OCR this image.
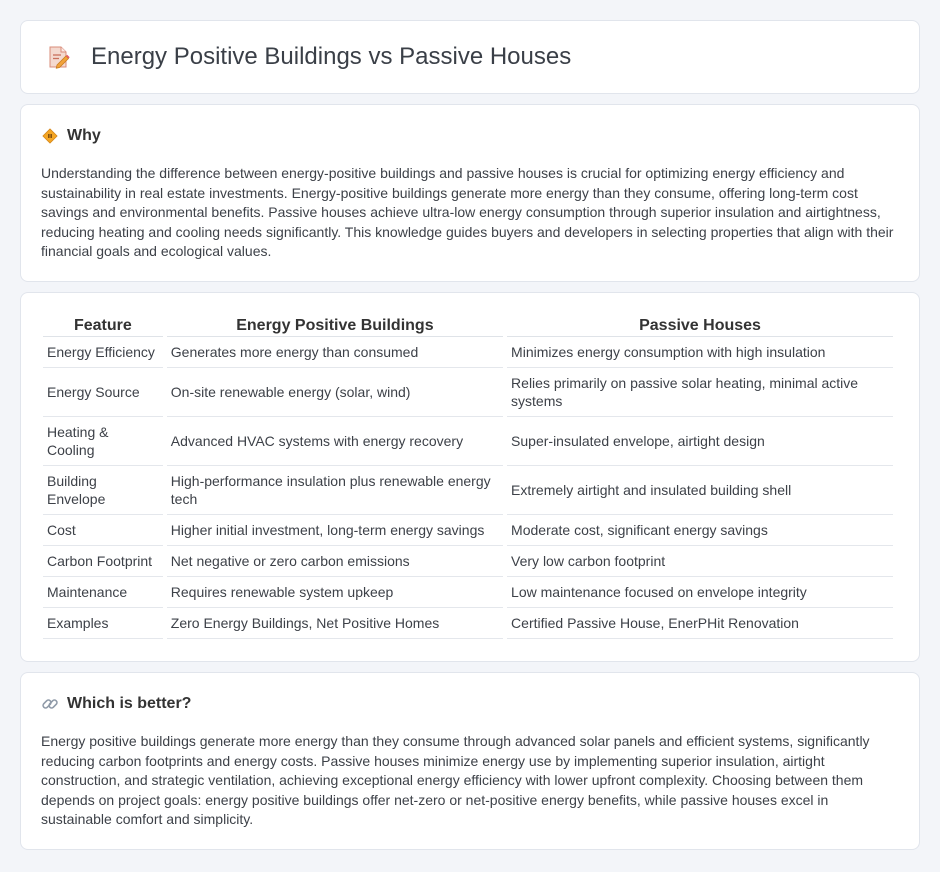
Energy Positive Buildings vs Passive Houses
Why

Understanding the difference between energy-positive buildings and passive houses is crucial for optimizing energy efficiency and sustainability in real estate investments. Energy-positive buildings generate more energy than they consume, offering long-term cost savings and environmental benefits. Passive houses achieve ultra-low energy consumption through superior insulation and airtightness, reducing heating and cooling needs significantly. This knowledge guides buyers and developers in selecting properties that align with their financial goals and ecological values.

Feature	Energy Positive Buildings	Passive Houses
Energy Efficiency	Generates more energy than consumed	Minimizes energy consumption with high insulation
Energy Source	On-site renewable energy (solar, wind)	Relies primarily on passive solar heating, minimal active systems
Heating & Cooling	Advanced HVAC systems with energy recovery	Super-insulated envelope, airtight design
Building Envelope	High-performance insulation plus renewable energy tech	Extremely airtight and insulated building shell
Cost	Higher initial investment, long-term energy savings	Moderate cost, significant energy savings
Carbon Footprint	Net negative or zero carbon emissions	Very low carbon footprint
Maintenance	Requires renewable system upkeep	Low maintenance focused on envelope integrity
Examples	Zero Energy Buildings, Net Positive Homes	Certified Passive House, EnerPHit Renovation
Which is better?

Energy positive buildings generate more energy than they consume through advanced solar panels and efficient systems, significantly reducing carbon footprints and energy costs. Passive houses minimize energy use by implementing superior insulation, airtight construction, and strategic ventilation, achieving exceptional energy efficiency with lower upfront complexity. Choosing between them depends on project goals: energy positive buildings offer net-zero or net-positive energy benefits, while passive houses excel in sustainable comfort and simplicity.
